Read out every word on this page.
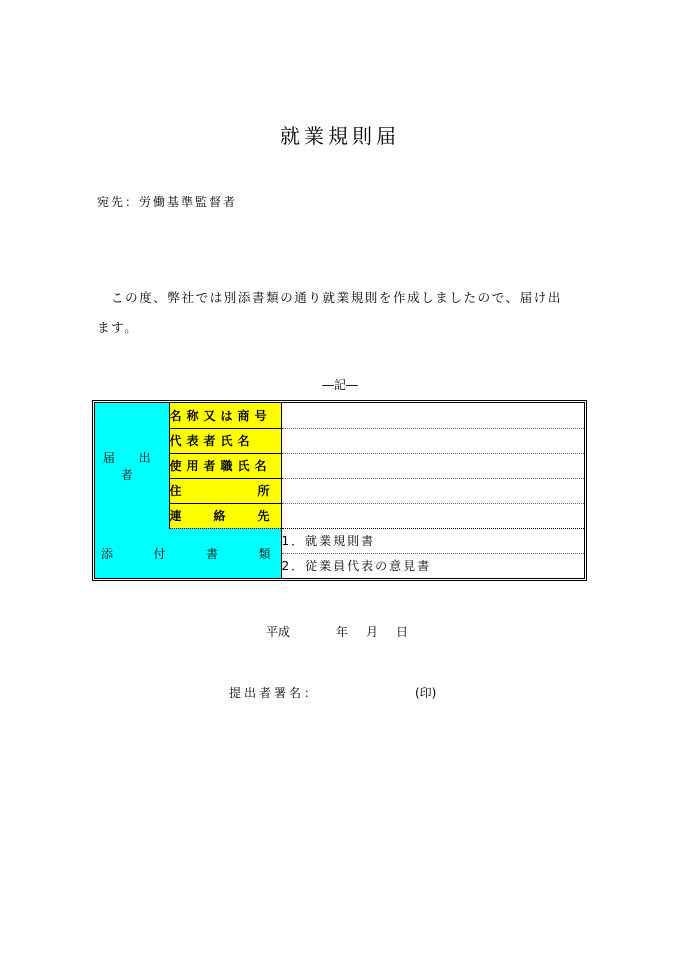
就業規則届
宛先：労働基準監督者
この度、弊社では別添書類の通り就業規則を作成しましたので、届け出
ます。
―記―
届 出 者	名称又は商号	
	代表者氏名	
	使用者職氏名	

	住 所	

	連 絡 先	

添 付 書 類		1．就業規則書
		2．従業員代表の意見書
平成	年 月 日
提出者署名：	(印)
